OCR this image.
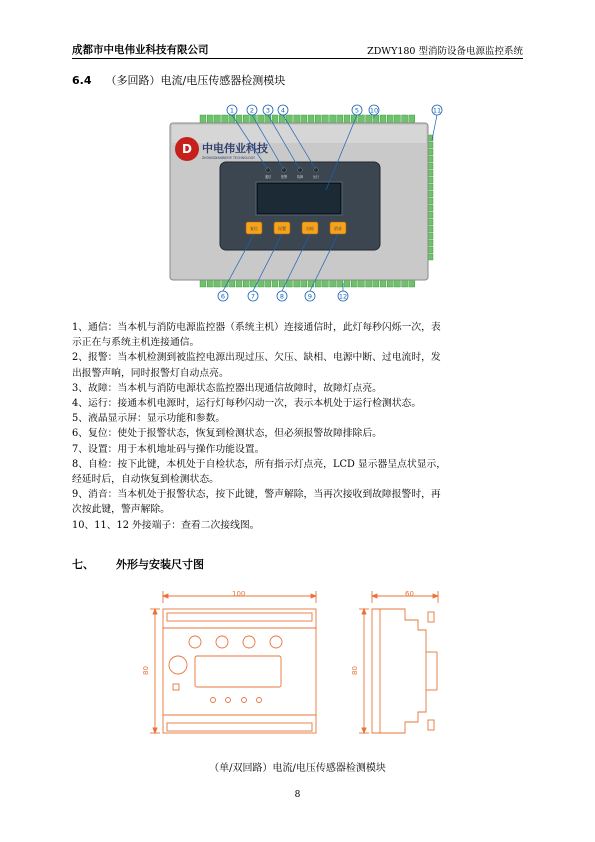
成都市中电伟业科技有限公司	ZDWY180 型消防设备电源监控系统
6.4 （多回路）电流/电压传感器检测模块
D 中电伟业科技
ZHONGDIANWEIYE TECHNOLOGY
通信	报警	故障	运行
复位	设置	自检	消音
1 2 3 4	5 10	11
6	7	8	9	12
1、通信：当本机与消防电源监控器（系统主机）连接通信时，此灯每秒闪烁一次，表
示正在与系统主机连接通信。
2、报警：当本机检测到被监控电源出现过压、欠压、缺相、电源中断、过电流时，发
出报警声响，同时报警灯自动点亮。
3、故障：当本机与消防电源状态监控器出现通信故障时，故障灯点亮。
4、运行：接通本机电源时，运行灯每秒闪动一次，表示本机处于运行检测状态。
5、液晶显示屏：显示功能和参数。
6、复位：使处于报警状态，恢复到检测状态，但必须报警故障排除后。
7、设置：用于本机地址码与操作功能设置。
8、自检：按下此键，本机处于自检状态，所有指示灯点亮，LCD 显示器呈点状显示，
经延时后，自动恢复到检测状态。
9、消音：当本机处于报警状态，按下此键，警声解除，当再次接收到故障报警时，再
次按此键，警声解除。
10、11、12 外接端子：查看二次接线图。
七、 外形与安装尺寸图
100
80
60
80
（单/双回路）电流/电压传感器检测模块
8
